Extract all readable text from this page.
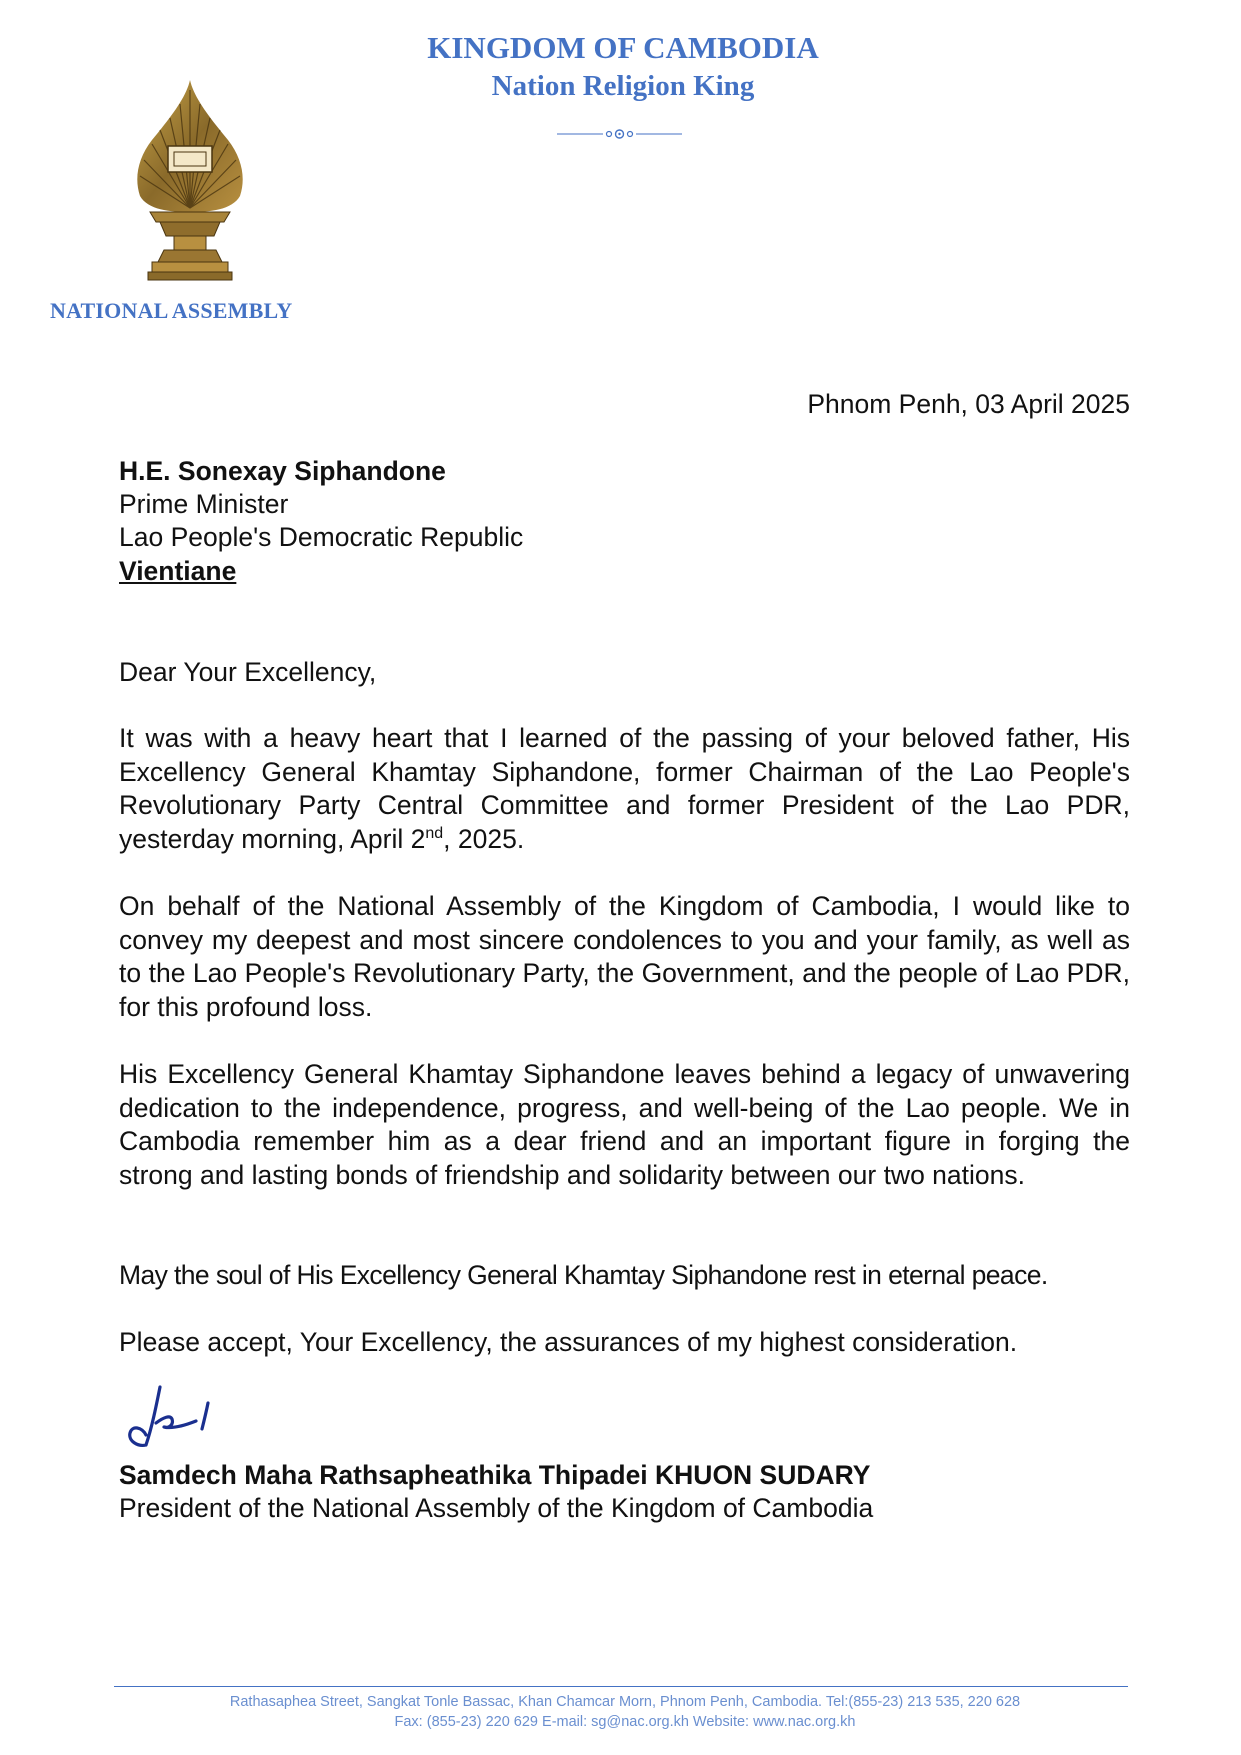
KINGDOM OF CAMBODIA
Nation Religion King
NATIONAL ASSEMBLY
Phnom Penh, 03 April 2025
H.E. Sonexay Siphandone
Prime Minister
Lao People's Democratic Republic
Vientiane
Dear Your Excellency,

It was with a heavy heart that I learned of the passing of your beloved father, His Excellency General Khamtay Siphandone, former Chairman of the Lao People's Revolutionary Party Central Committee and former President of the Lao PDR, yesterday morning, April 2nd, 2025.

On behalf of the National Assembly of the Kingdom of Cambodia, I would like to convey my deepest and most sincere condolences to you and your family, as well as to the Lao People's Revolutionary Party, the Government, and the people of Lao PDR, for this profound loss.

His Excellency General Khamtay Siphandone leaves behind a legacy of unwavering dedication to the independence, progress, and well-being of the Lao people. We in Cambodia remember him as a dear friend and an important figure in forging the strong and lasting bonds of friendship and solidarity between our two nations.

May the soul of His Excellency General Khamtay Siphandone rest in eternal peace.

Please accept, Your Excellency, the assurances of my highest consideration.

Samdech Maha Rathsapheathika Thipadei KHUON SUDARY
President of the National Assembly of the Kingdom of Cambodia
Rathasaphea Street, Sangkat Tonle Bassac, Khan Chamcar Morn, Phnom Penh, Cambodia. Tel:(855-23) 213 535, 220 628
Fax: (855-23) 220 629 E-mail: sg@nac.org.kh Website: www.nac.org.kh
